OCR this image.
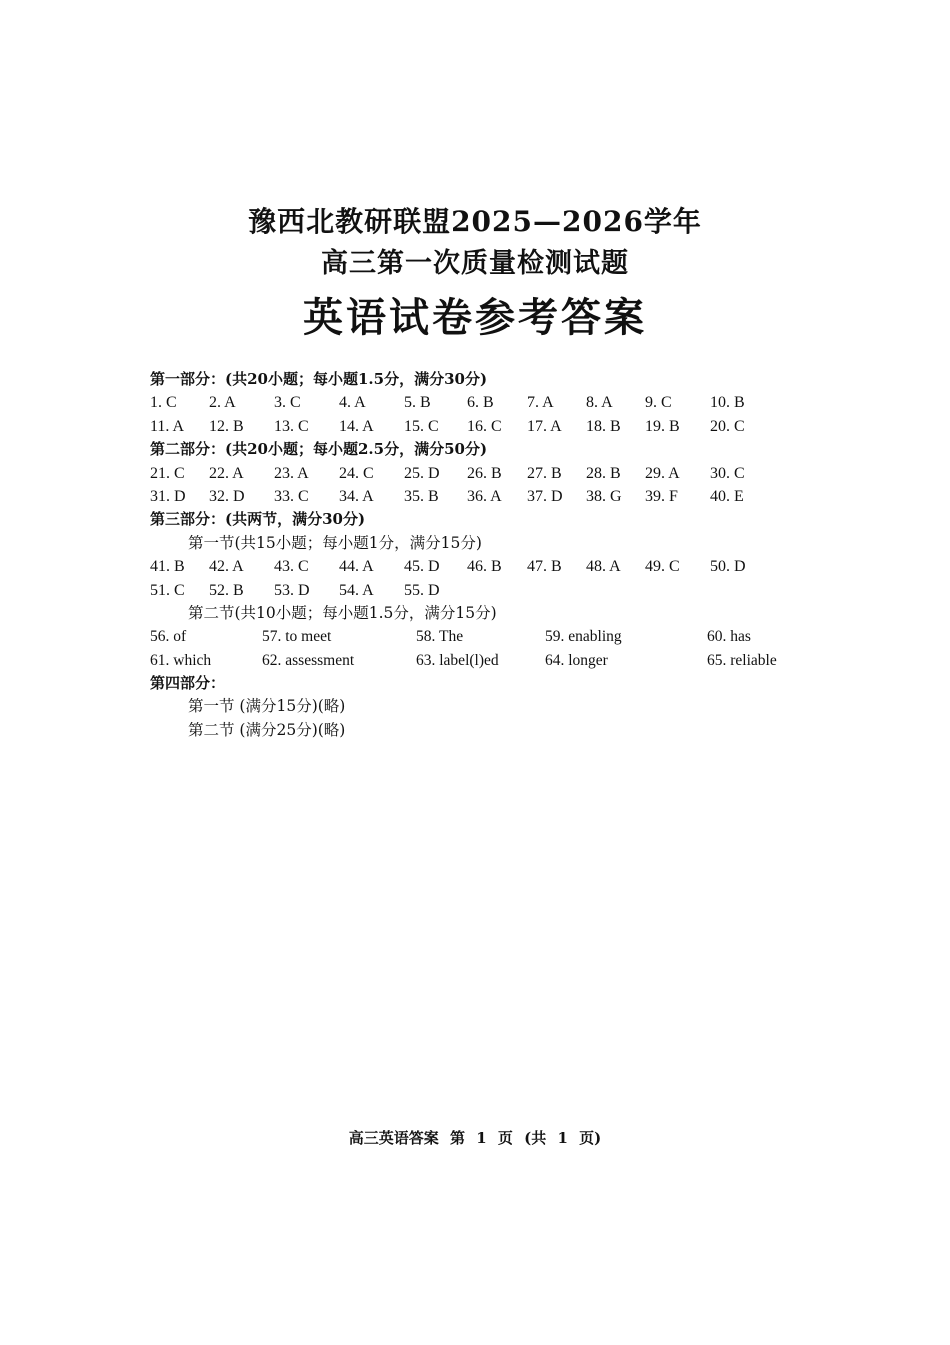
豫西北教研联盟2025—2026学年
高三第一次质量检测试题
英语试卷参考答案
第一部分：(共20小题；每小题1.5分，满分30分)
1. C 2. A 3. C 4. A 5. B 6. B 7. A 8. A 9. C 10. B
11. A 12. B 13. C 14. A 15. C 16. C 17. A 18. B 19. B 20. C
第二部分：(共20小题；每小题2.5分，满分50分)
21. C 22. A 23. A 24. C 25. D 26. B 27. B 28. B 29. A 30. C
31. D 32. D 33. C 34. A 35. B 36. A 37. D 38. G 39. F 40. E
第三部分：(共两节，满分30分)
第一节(共15小题；每小题1分，满分15分)
41. B 42. A 43. C 44. A 45. D 46. B 47. B 48. A 49. C 50. D
51. C 52. B 53. D 54. A 55. D
第二节(共10小题；每小题1.5分，满分15分)
56. of	57. to meet	58. The	59. enabling	60. has
61. which	62. assessment	63. label(l)ed	64. longer	65. reliable
第四部分：
第一节 (满分15分)(略)
第二节 (满分25分)(略)
高三英语答案 第 1 页 (共 1 页)
